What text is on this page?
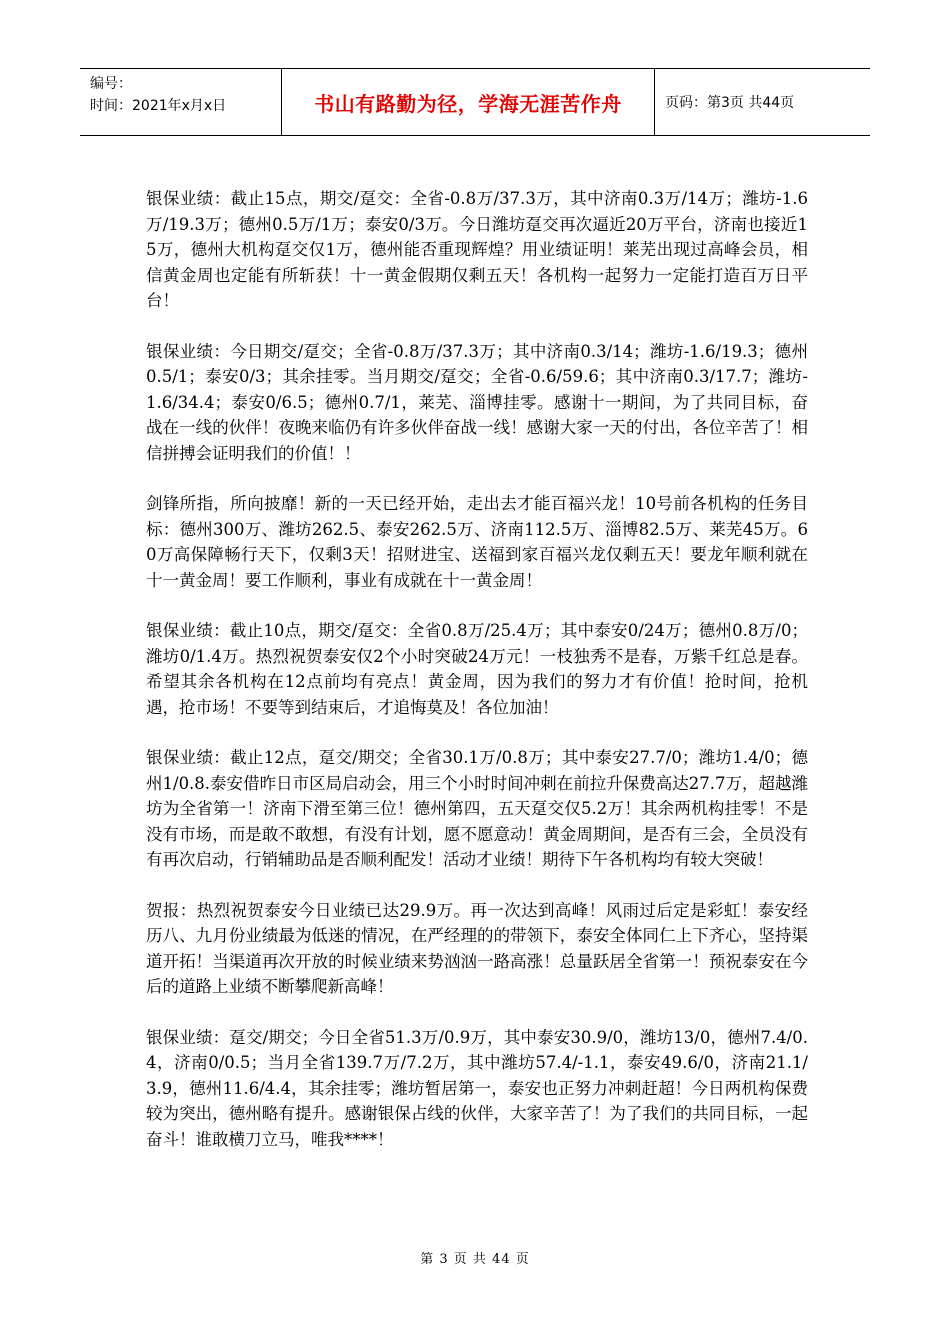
编号：
时间：2021年x月x日	书山有路勤为径，学海无涯苦作舟	页码：第3页 共44页

银保业绩：截止15点，期交/趸交：全省-0.8万/37.3万，其中济南0.3万/14万；潍坊-1.6万/19.3万；德州0.5万/1万；泰安0/3万。今日潍坊趸交再次逼近20万平台，济南也接近15万，德州大机构趸交仅1万，德州能否重现辉煌？用业绩证明！莱芜出现过高峰会员，相信黄金周也定能有所斩获！十一黄金假期仅剩五天！各机构一起努力一定能打造百万日平台！

银保业绩：今日期交/趸交；全省-0.8万/37.3万；其中济南0.3/14；潍坊-1.6/19.3；德州0.5/1；泰安0/3；其余挂零。当月期交/趸交；全省-0.6/59.6；其中济南0.3/17.7；潍坊-1.6/34.4；泰安0/6.5；德州0.7/1，莱芜、淄博挂零。感谢十一期间，为了共同目标，奋战在一线的伙伴！夜晚来临仍有许多伙伴奋战一线！感谢大家一天的付出，各位辛苦了！相信拼搏会证明我们的价值！！

剑锋所指，所向披靡！新的一天已经开始，走出去才能百福兴龙！10号前各机构的任务目标：德州300万、潍坊262.5、泰安262.5万、济南112.5万、淄博82.5万、莱芜45万。60万高保障畅行天下，仅剩3天！招财进宝、送福到家百福兴龙仅剩五天！要龙年顺利就在十一黄金周！要工作顺利，事业有成就在十一黄金周！

银保业绩：截止10点，期交/趸交：全省0.8万/25.4万；其中泰安0/24万；德州0.8万/0；潍坊0/1.4万。热烈祝贺泰安仅2个小时突破24万元！一枝独秀不是春，万紫千红总是春。希望其余各机构在12点前均有亮点！黄金周，因为我们的努力才有价值！抢时间，抢机遇，抢市场！不要等到结束后，才追悔莫及！各位加油！

银保业绩：截止12点，趸交/期交；全省30.1万/0.8万；其中泰安27.7/0；潍坊1.4/0；德州1/0.8.泰安借昨日市区局启动会，用三个小时时间冲刺在前拉升保费高达27.7万，超越潍坊为全省第一！济南下滑至第三位！德州第四，五天趸交仅5.2万！其余两机构挂零！不是没有市场，而是敢不敢想，有没有计划，愿不愿意动！黄金周期间，是否有三会，全员没有有再次启动，行销辅助品是否顺利配发！活动才业绩！期待下午各机构均有较大突破！

贺报：热烈祝贺泰安今日业绩已达29.9万。再一次达到高峰！风雨过后定是彩虹！泰安经历八、九月份业绩最为低迷的情况，在严经理的的带领下，泰安全体同仁上下齐心，坚持渠道开拓！当渠道再次开放的时候业绩来势汹汹一路高涨！总量跃居全省第一！预祝泰安在今后的道路上业绩不断攀爬新高峰！

银保业绩：趸交/期交；今日全省51.3万/0.9万，其中泰安30.9/0，潍坊13/0，德州7.4/0.4，济南0/0.5；当月全省139.7万/7.2万，其中潍坊57.4/-1.1，泰安49.6/0，济南21.1/3.9，德州11.6/4.4，其余挂零；潍坊暂居第一，泰安也正努力冲刺赶超！今日两机构保费较为突出，德州略有提升。感谢银保占线的伙伴，大家辛苦了！为了我们的共同目标，一起奋斗！谁敢横刀立马，唯我****！

第 3 页 共 44 页
